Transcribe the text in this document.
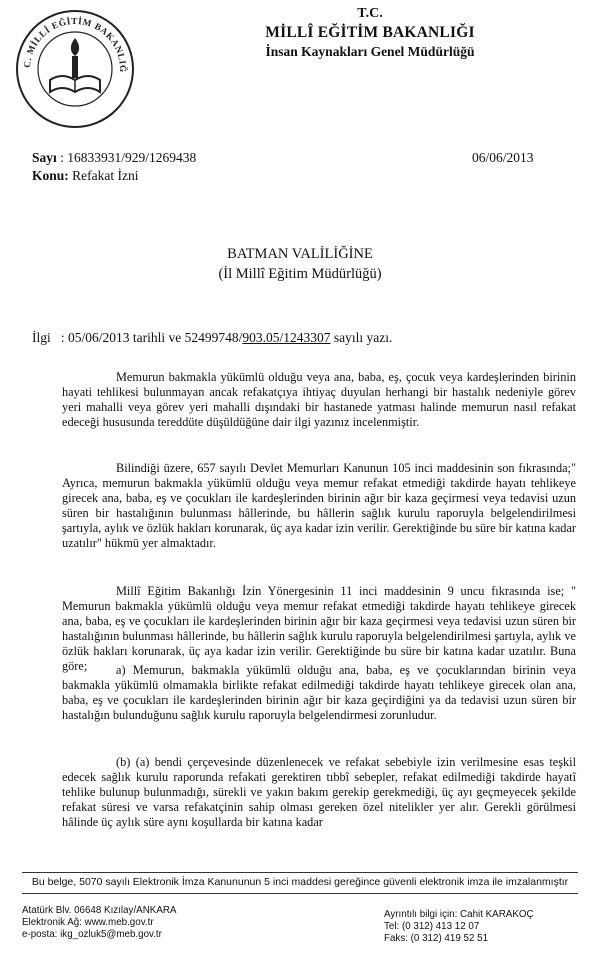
C. MİLLÎ EĞİTİM BAKANLIĞ
T.C.
MİLLÎ EĞİTİM BAKANLIĞI
İnsan Kaynakları Genel Müdürlüğü
Sayı : 16833931/929/1269438	06/06/2013
Konu: Refakat İzni
BATMAN VALİLİĞİNE
(İl Millî Eğitim Müdürlüğü)
İlgi : 05/06/2013 tarihli ve 52499748/903.05/1243307 sayılı yazı.

Memurun bakmakla yükümlü olduğu veya ana, baba, eş, çocuk veya kardeşlerinden birinin hayati tehlikesi bulunmayan ancak refakatçıya ihtiyaç duyulan herhangi bir hastalık nedeniyle görev yeri mahalli veya görev yeri mahalli dışındaki bir hastanede yatması halinde memurun nasıl refakat edeceği hususunda tereddüte düşüldüğüne dair ilgi yazınız incelenmiştir.

Bilindiği üzere, 657 sayılı Devlet Memurları Kanunun 105 inci maddesinin son fıkrasında;" Ayrıca, memurun bakmakla yükümlü olduğu veya memur refakat etmediği takdirde hayatı tehlikeye girecek ana, baba, eş ve çocukları ile kardeşlerinden birinin ağır bir kaza geçirmesi veya tedavisi uzun süren bir hastalığının bulunması hâllerinde, bu hâllerin sağlık kurulu raporuyla belgelendirilmesi şartıyla, aylık ve özlük hakları korunarak, üç aya kadar izin verilir. Gerektiğinde bu süre bir katına kadar uzatılır" hükmü yer almaktadır.

Millî Eğitim Bakanlığı İzin Yönergesinin 11 inci maddesinin 9 uncu fıkrasında ise; " Memurun bakmakla yükümlü olduğu veya memur refakat etmediği takdirde hayatı tehlikeye girecek ana, baba, eş ve çocukları ile kardeşlerinden birinin ağır bir kaza geçirmesi veya tedavisi uzun süren bir hastalığının bulunması hâllerinde, bu hâllerin sağlık kurulu raporuyla belgelendirilmesi şartıyla, aylık ve özlük hakları korunarak, üç aya kadar izin verilir. Gerektiğinde bu süre bir katına kadar uzatılır. Buna göre;	a) Memurun, bakmakla yükümlü olduğu ana, baba, eş ve çocuklarından birinin veya bakmakla yükümlü olmamakla birlikte refakat edilmediği takdirde hayatı tehlikeye girecek olan ana, baba, eş ve çocukları ile kardeşlerinden birinin ağır bir kaza geçirdiğini ya da tedavisi uzun süren bir hastalığın bulunduğunu sağlık kurulu raporuyla belgelendirmesi zorunludur.

(b) (a) bendi çerçevesinde düzenlenecek ve refakat sebebiyle izin verilmesine esas teşkil edecek sağlık kurulu raporunda refakati gerektiren tıbbî sebepler, refakat edilmediği takdirde hayatî tehlike bulunup bulunmadığı, sürekli ve yakın bakım gerekip gerekmediği, üç ayı geçmeyecek şekilde refakat süresi ve varsa refakatçinin sahip olması gereken özel nitelikler yer alır. Gerekli görülmesi hâlinde üç aylık süre aynı koşullarda bir katına kadar

Bu belge, 5070 sayılı Elektronik İmza Kanununun 5 inci maddesi gereğince güvenli elektronik imza ile imzalanmıştır
Atatürk Blv. 06648 Kızılay/ANKARA
Elektronik Ağ: www.meb.gov.tr
e-posta: ikg_ozluk5@meb.gov.tr
Ayrıntılı bilgi için: Cahit KARAKOÇ
Tel: (0 312) 413 12 07
Faks: (0 312) 419 52 51
